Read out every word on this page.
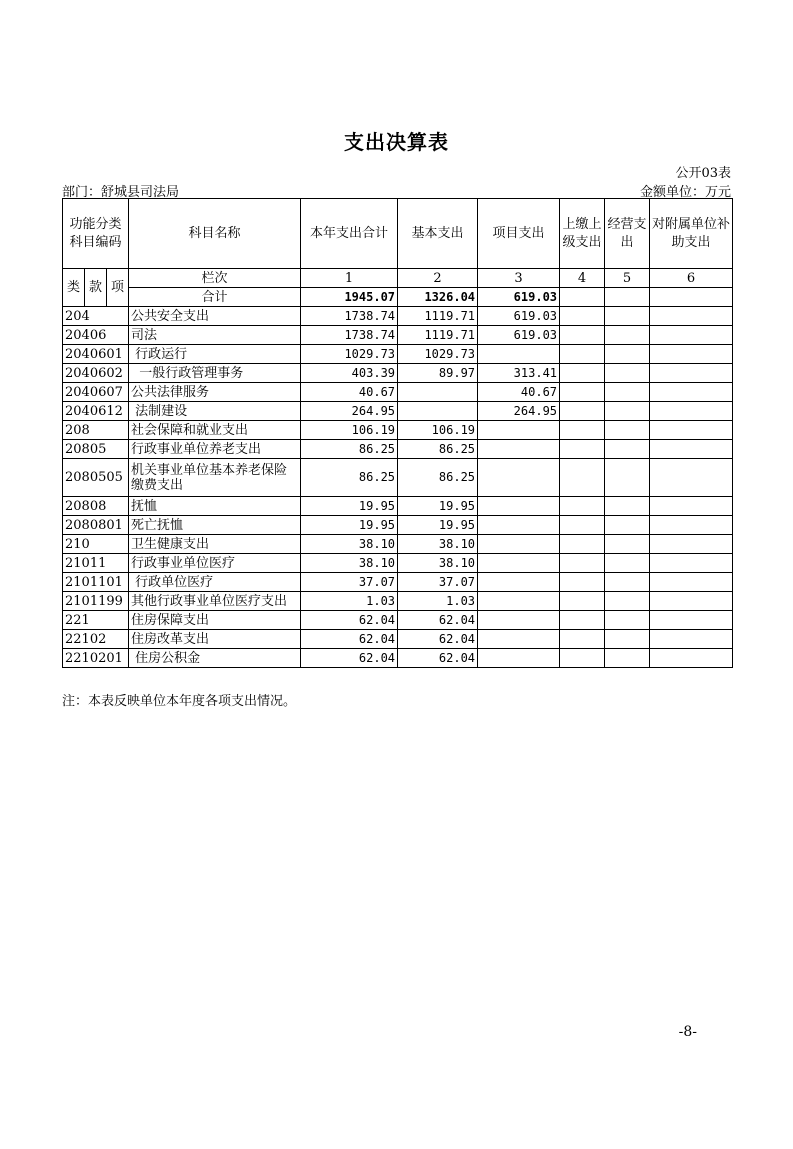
支出决算表
公开03表
部门：舒城县司法局	金额单位：万元
功能分类科目编码			科目名称	本年支出合计	基本支出	项目支出	上缴上级支出	经营支出	对附属单位补助支出
类	款	项	栏次	1	2	3	4	5	6
			合计	1945.07	1326.04	619.03			
204			公共安全支出	1738.74	1119.71	619.03			
20406			司法	1738.74	1119.71	619.03			
2040601			行政运行	1029.73	1029.73				
2040602			一般行政管理事务	403.39	89.97	313.41			
2040607			公共法律服务	40.67		40.67			
2040612			法制建设	264.95		264.95			
208			社会保障和就业支出	106.19	106.19				
20805			行政事业单位养老支出	86.25	86.25				
2080505			机关事业单位基本养老保险缴费支出	86.25	86.25				
20808			抚恤	19.95	19.95				
2080801			死亡抚恤	19.95	19.95				
210			卫生健康支出	38.10	38.10				
21011			行政事业单位医疗	38.10	38.10				
2101101			行政单位医疗	37.07	37.07				
2101199			其他行政事业单位医疗支出	1.03	1.03				
221			住房保障支出	62.04	62.04				
22102			住房改革支出	62.04	62.04				
2210201			住房公积金	62.04	62.04				
注：本表反映单位本年度各项支出情况。
-8-
